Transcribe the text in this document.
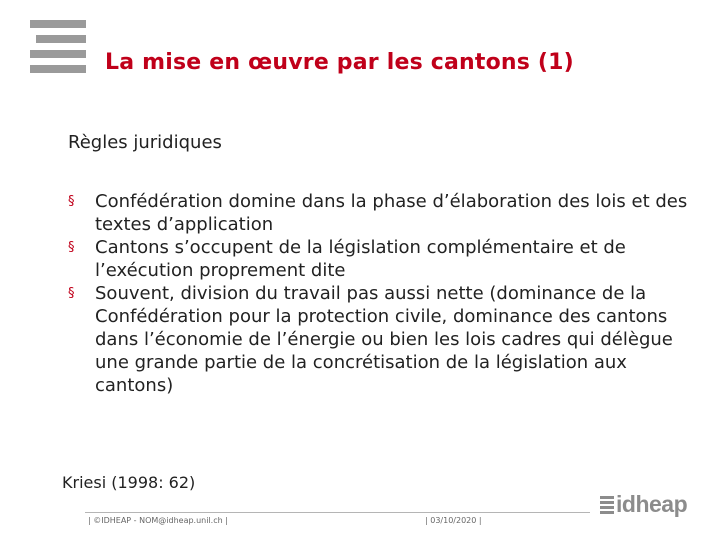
La mise en œuvre par les cantons (1)
Règles juridiques
§ Confédération domine dans la phase d’élaboration des lois et des textes d’application
§ Cantons s’occupent de la législation complémentaire et de l’exécution proprement dite
§ Souvent, division du travail pas aussi nette (dominance de la Confédération pour la protection civile, dominance des cantons dans l’économie de l’énergie ou bien les lois cadres qui délègue une grande partie de la concrétisation de la législation aux cantons)
Kriesi (1998: 62)
| ©IDHEAP - NOM@idheap.unil.ch |	| 03/10/2020 |
idheap
